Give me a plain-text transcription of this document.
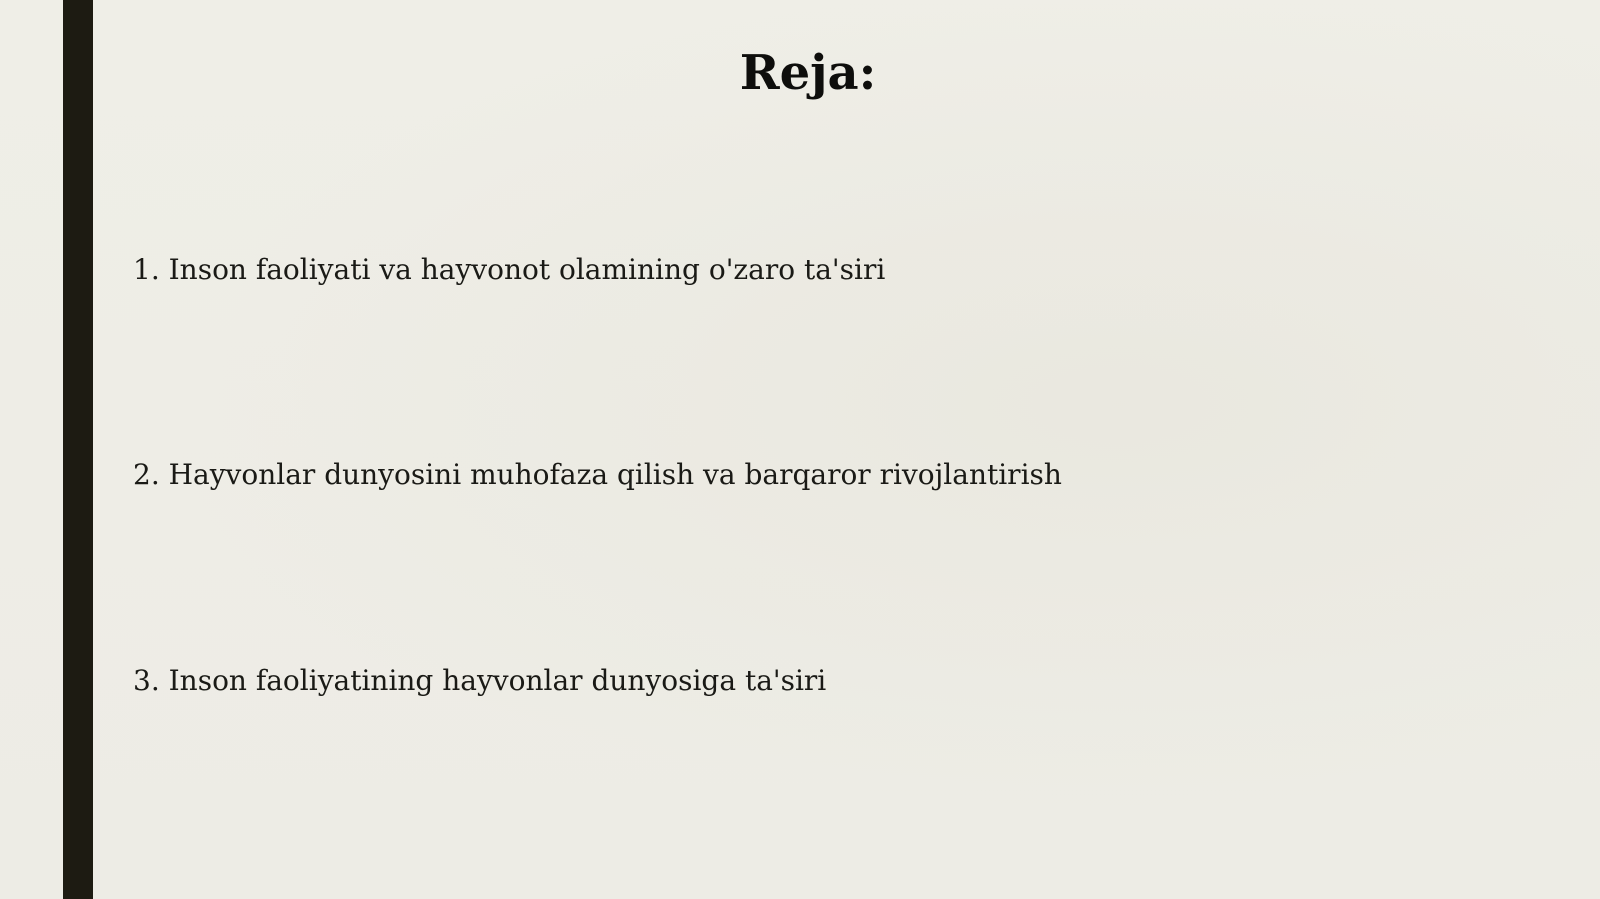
Reja:
1. Inson faoliyati va hayvonot olamining o'zaro ta'siri
2. Hayvonlar dunyosini muhofaza qilish va barqaror rivojlantirish
3. Inson faoliyatining hayvonlar dunyosiga ta'siri
